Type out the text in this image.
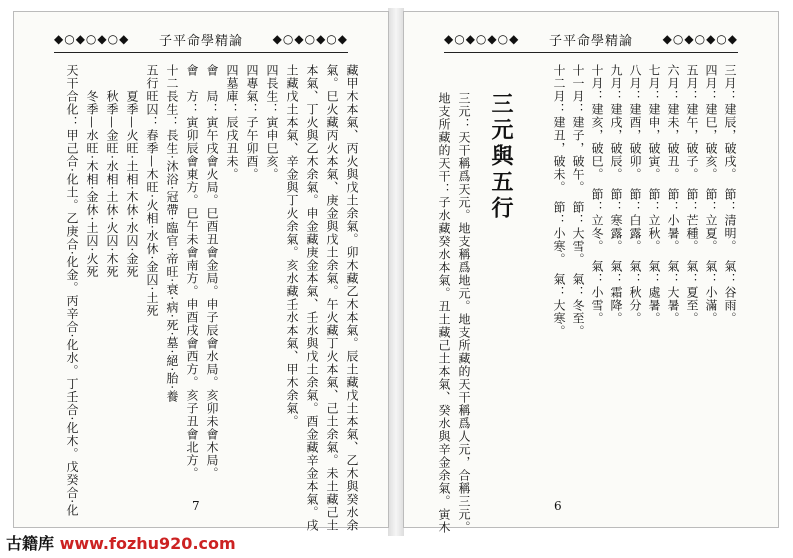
◆○◆○◆○◆ 子平命學精論 ◆○◆○◆○◆
藏甲木本氣、丙火與戊土余氣。卯木藏乙木本氣。辰土藏戊土本氣、乙木與癸水余
氣。巳火藏丙火本氣、庚金與戊土余氣。午火藏丁火本氣、己土余氣。未土藏己土
本氣、丁火與乙木余氣。申金藏庚金本氣、壬水與戊土余氣。酉金藏辛金本氣。戌
土藏戊土本氣、辛金與丁火余氣。亥水藏壬水本氣、甲木余氣。
四長生：寅申巳亥。
四專氣：子午卯酉。
四墓庫：辰戌丑未。
會　局：寅午戌會火局。巳酉丑會金局。申子辰會水局。亥卯未會木局。
會　方：寅卯辰會東方。巳午未會南方。申酉戌會西方。亥子丑會北方。
十二長生：長生·沐浴·冠帶·臨官·帝旺·衰·病·死·墓·絕·胎·養
五行旺囚：春季—木旺·火相·水休·金囚·土死
　　夏季—火旺·土相·木休·水囚·金死
　　秋季—金旺·水相·土休·火囚·木死
　　冬季—水旺·木相·金休·土囚·火死
天干合化：甲己合·化土。乙庚合·化金。丙辛合·化水。丁壬合·化木。戊癸合·化	7
◆○◆○◆○◆ 子平命學精論 ◆○◆○◆○◆
三月：建辰，破戌。　節：清明。　氣：谷雨。
四月：建巳，破亥。　節：立夏。　氣：小滿。
五月：建午，破子。　節：芒種。　氣：夏至。
六月：建未，破丑。　節：小暑。　氣：大暑。
七月：建申，破寅。　節：立秋。　氣：處暑。
八月：建酉，破卯。　節：白露。　氣：秋分。
九月：建戌，破辰。　節：寒露。　氣：霜降。
十月：建亥，破巳。　節：立冬。　氣：小雪。
十一月：建子，破午。　節：大雪。　氣：冬至。
十二月：建丑，破未。　節：小寒。　氣：大寒。
三元與五行
三元：天干稱爲天元。地支稱爲地元。地支所藏的天干稱爲人元，合稱三元。
地支所藏的天干：子水藏癸水本氣。丑土藏己土本氣、癸水與辛金余氣。寅木	6
古籍库 www.fozhu920.com
